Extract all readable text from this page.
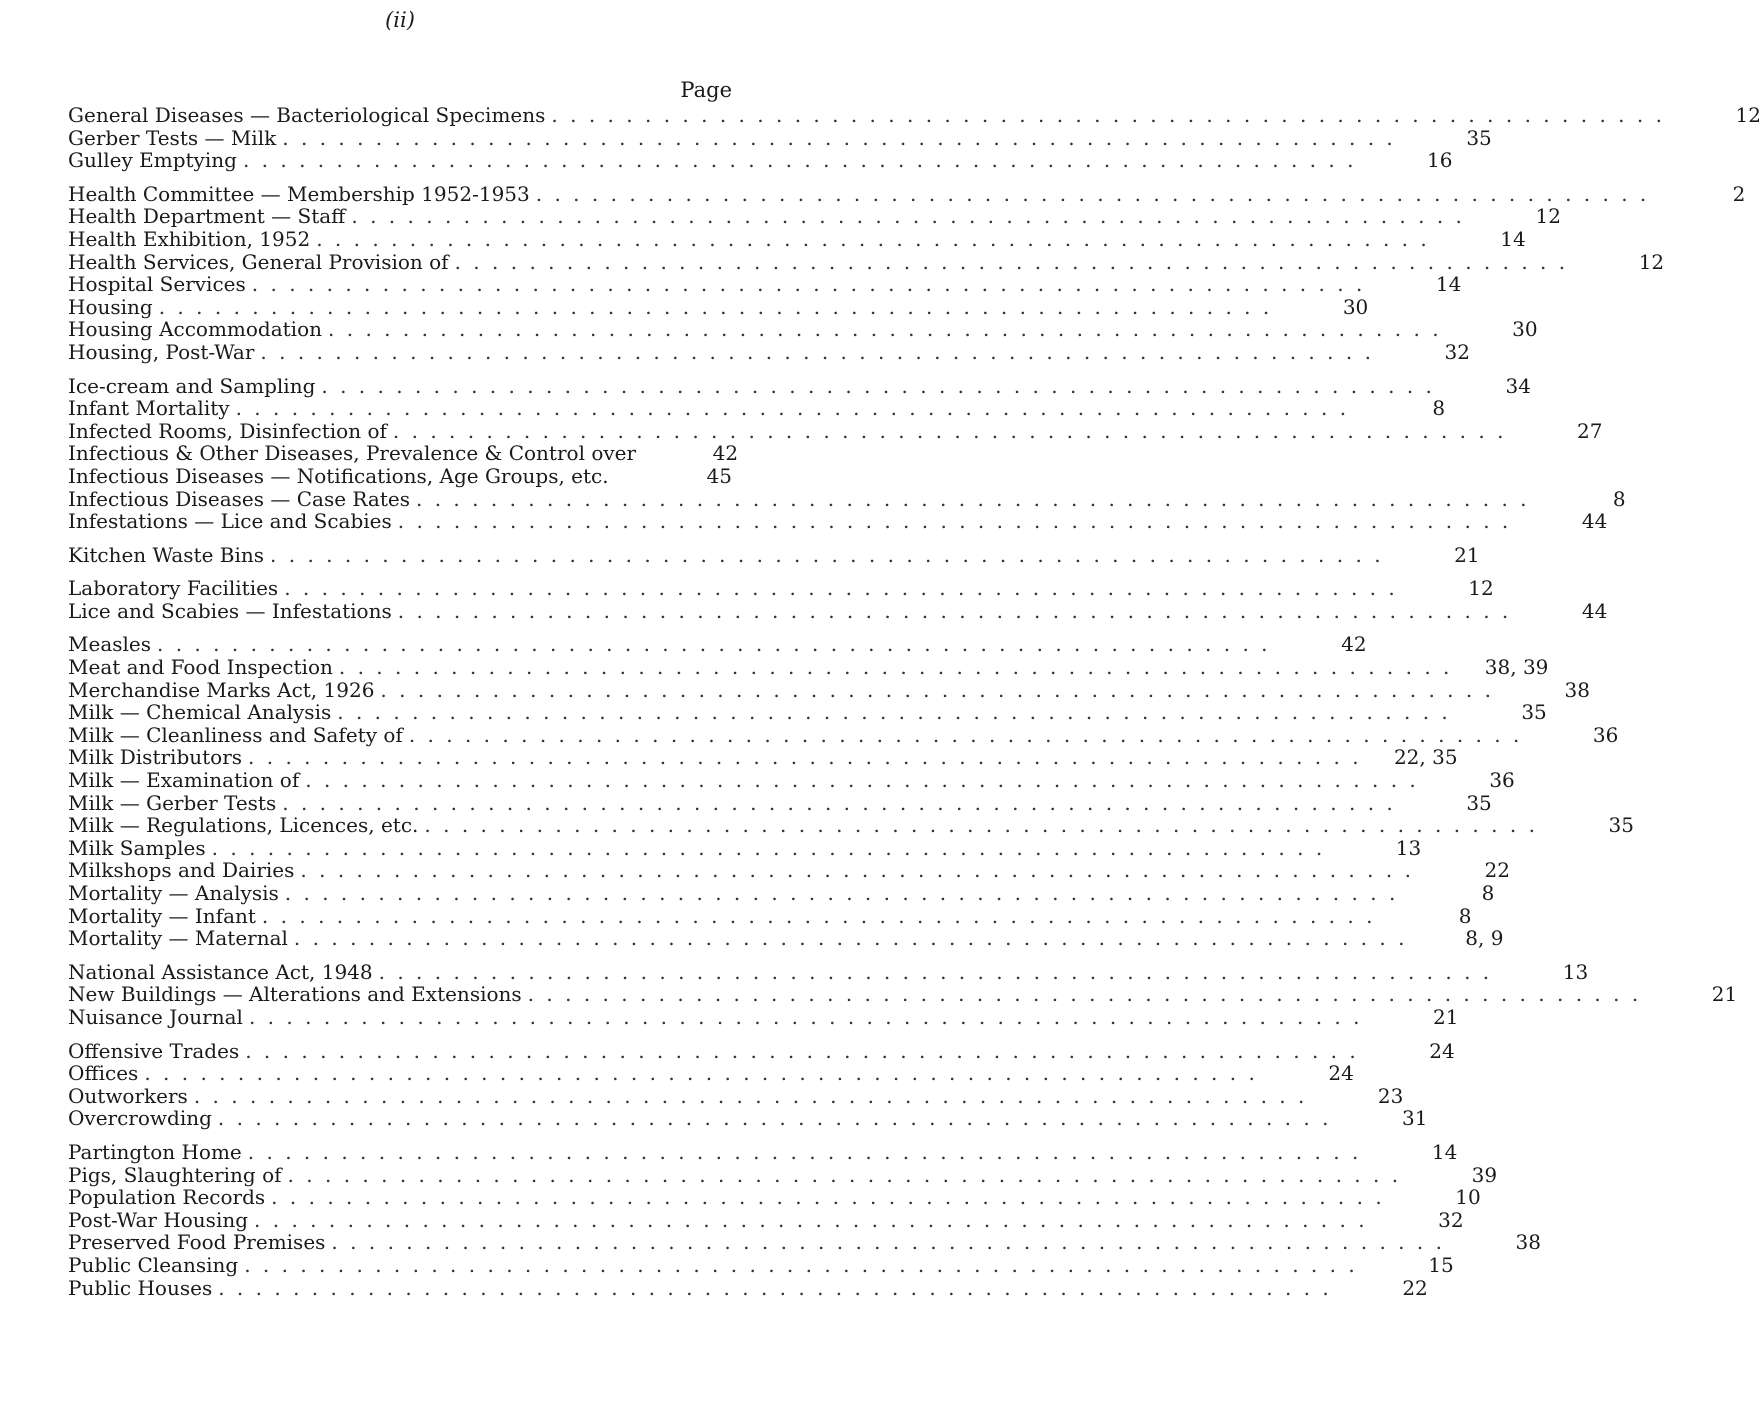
(ii)
Page
General Diseases — Bacteriological Specimens . . . . . . . . . . . . . . . . . . . . . . . . . . . . . . . . . . . . . . . . . . . . . . . . . . . . . . . . . . . .	12
Gerber Tests — Milk . . . . . . . . . . . . . . . . . . . . . . . . . . . . . . . . . . . . . . . . . . . . . . . . . . . . . . . . . . . .	35
Gulley Emptying . . . . . . . . . . . . . . . . . . . . . . . . . . . . . . . . . . . . . . . . . . . . . . . . . . . . . . . . . . . .	16
Health Committee — Membership 1952-1953 . . . . . . . . . . . . . . . . . . . . . . . . . . . . . . . . . . . . . . . . . . . . . . . . . . . . . . . . . . . .	2
Health Department — Staff . . . . . . . . . . . . . . . . . . . . . . . . . . . . . . . . . . . . . . . . . . . . . . . . . . . . . . . . . . . .	12
Health Exhibition, 1952 . . . . . . . . . . . . . . . . . . . . . . . . . . . . . . . . . . . . . . . . . . . . . . . . . . . . . . . . . . . .	14
Health Services, General Provision of . . . . . . . . . . . . . . . . . . . . . . . . . . . . . . . . . . . . . . . . . . . . . . . . . . . . . . . . . . . .	12
Hospital Services . . . . . . . . . . . . . . . . . . . . . . . . . . . . . . . . . . . . . . . . . . . . . . . . . . . . . . . . . . . .	14
Housing . . . . . . . . . . . . . . . . . . . . . . . . . . . . . . . . . . . . . . . . . . . . . . . . . . . . . . . . . . . .	30
Housing Accommodation . . . . . . . . . . . . . . . . . . . . . . . . . . . . . . . . . . . . . . . . . . . . . . . . . . . . . . . . . . . .	30
Housing, Post-War . . . . . . . . . . . . . . . . . . . . . . . . . . . . . . . . . . . . . . . . . . . . . . . . . . . . . . . . . . . .	32
Ice-cream and Sampling . . . . . . . . . . . . . . . . . . . . . . . . . . . . . . . . . . . . . . . . . . . . . . . . . . . . . . . . . . . .	34
Infant Mortality . . . . . . . . . . . . . . . . . . . . . . . . . . . . . . . . . . . . . . . . . . . . . . . . . . . . . . . . . . . .	8
Infected Rooms, Disinfection of . . . . . . . . . . . . . . . . . . . . . . . . . . . . . . . . . . . . . . . . . . . . . . . . . . . . . . . . . . . .	27
Infectious & Other Diseases, Prevalence & Control over	42
Infectious Diseases — Notifications, Age Groups, etc.	45
Infectious Diseases — Case Rates . . . . . . . . . . . . . . . . . . . . . . . . . . . . . . . . . . . . . . . . . . . . . . . . . . . . . . . . . . . .	8
Infestations — Lice and Scabies . . . . . . . . . . . . . . . . . . . . . . . . . . . . . . . . . . . . . . . . . . . . . . . . . . . . . . . . . . . .	44
Kitchen Waste Bins . . . . . . . . . . . . . . . . . . . . . . . . . . . . . . . . . . . . . . . . . . . . . . . . . . . . . . . . . . . .	21
Laboratory Facilities . . . . . . . . . . . . . . . . . . . . . . . . . . . . . . . . . . . . . . . . . . . . . . . . . . . . . . . . . . . .	12
Lice and Scabies — Infestations . . . . . . . . . . . . . . . . . . . . . . . . . . . . . . . . . . . . . . . . . . . . . . . . . . . . . . . . . . . .	44
Measles . . . . . . . . . . . . . . . . . . . . . . . . . . . . . . . . . . . . . . . . . . . . . . . . . . . . . . . . . . . .	42
Meat and Food Inspection . . . . . . . . . . . . . . . . . . . . . . . . . . . . . . . . . . . . . . . . . . . . . . . . . . . . . . . . . . . .	38, 39
Merchandise Marks Act, 1926 . . . . . . . . . . . . . . . . . . . . . . . . . . . . . . . . . . . . . . . . . . . . . . . . . . . . . . . . . . . .	38
Milk — Chemical Analysis . . . . . . . . . . . . . . . . . . . . . . . . . . . . . . . . . . . . . . . . . . . . . . . . . . . . . . . . . . . .	35
Milk — Cleanliness and Safety of . . . . . . . . . . . . . . . . . . . . . . . . . . . . . . . . . . . . . . . . . . . . . . . . . . . . . . . . . . . .	36
Milk Distributors . . . . . . . . . . . . . . . . . . . . . . . . . . . . . . . . . . . . . . . . . . . . . . . . . . . . . . . . . . . .	22, 35
Milk — Examination of . . . . . . . . . . . . . . . . . . . . . . . . . . . . . . . . . . . . . . . . . . . . . . . . . . . . . . . . . . . .	36
Milk — Gerber Tests . . . . . . . . . . . . . . . . . . . . . . . . . . . . . . . . . . . . . . . . . . . . . . . . . . . . . . . . . . . .	35
Milk — Regulations, Licences, etc. . . . . . . . . . . . . . . . . . . . . . . . . . . . . . . . . . . . . . . . . . . . . . . . . . . . . . . . . . . . .	35
Milk Samples . . . . . . . . . . . . . . . . . . . . . . . . . . . . . . . . . . . . . . . . . . . . . . . . . . . . . . . . . . . .	13
Milkshops and Dairies . . . . . . . . . . . . . . . . . . . . . . . . . . . . . . . . . . . . . . . . . . . . . . . . . . . . . . . . . . . .	22
Mortality — Analysis . . . . . . . . . . . . . . . . . . . . . . . . . . . . . . . . . . . . . . . . . . . . . . . . . . . . . . . . . . . .	8
Mortality — Infant . . . . . . . . . . . . . . . . . . . . . . . . . . . . . . . . . . . . . . . . . . . . . . . . . . . . . . . . . . . .	8
Mortality — Maternal . . . . . . . . . . . . . . . . . . . . . . . . . . . . . . . . . . . . . . . . . . . . . . . . . . . . . . . . . . . .	8, 9
National Assistance Act, 1948 . . . . . . . . . . . . . . . . . . . . . . . . . . . . . . . . . . . . . . . . . . . . . . . . . . . . . . . . . . . .	13
New Buildings — Alterations and Extensions . . . . . . . . . . . . . . . . . . . . . . . . . . . . . . . . . . . . . . . . . . . . . . . . . . . . . . . . . . . .	21
Nuisance Journal . . . . . . . . . . . . . . . . . . . . . . . . . . . . . . . . . . . . . . . . . . . . . . . . . . . . . . . . . . . .	21
Offensive Trades . . . . . . . . . . . . . . . . . . . . . . . . . . . . . . . . . . . . . . . . . . . . . . . . . . . . . . . . . . . .	24
Offices . . . . . . . . . . . . . . . . . . . . . . . . . . . . . . . . . . . . . . . . . . . . . . . . . . . . . . . . . . . .	24
Outworkers . . . . . . . . . . . . . . . . . . . . . . . . . . . . . . . . . . . . . . . . . . . . . . . . . . . . . . . . . . . .	23
Overcrowding . . . . . . . . . . . . . . . . . . . . . . . . . . . . . . . . . . . . . . . . . . . . . . . . . . . . . . . . . . . .	31
Partington Home . . . . . . . . . . . . . . . . . . . . . . . . . . . . . . . . . . . . . . . . . . . . . . . . . . . . . . . . . . . .	14
Pigs, Slaughtering of . . . . . . . . . . . . . . . . . . . . . . . . . . . . . . . . . . . . . . . . . . . . . . . . . . . . . . . . . . . .	39
Population Records . . . . . . . . . . . . . . . . . . . . . . . . . . . . . . . . . . . . . . . . . . . . . . . . . . . . . . . . . . . .	10
Post-War Housing . . . . . . . . . . . . . . . . . . . . . . . . . . . . . . . . . . . . . . . . . . . . . . . . . . . . . . . . . . . .	32
Preserved Food Premises . . . . . . . . . . . . . . . . . . . . . . . . . . . . . . . . . . . . . . . . . . . . . . . . . . . . . . . . . . . .	38
Public Cleansing . . . . . . . . . . . . . . . . . . . . . . . . . . . . . . . . . . . . . . . . . . . . . . . . . . . . . . . . . . . .	15
Public Houses . . . . . . . . . . . . . . . . . . . . . . . . . . . . . . . . . . . . . . . . . . . . . . . . . . . . . . . . . . . .	22
